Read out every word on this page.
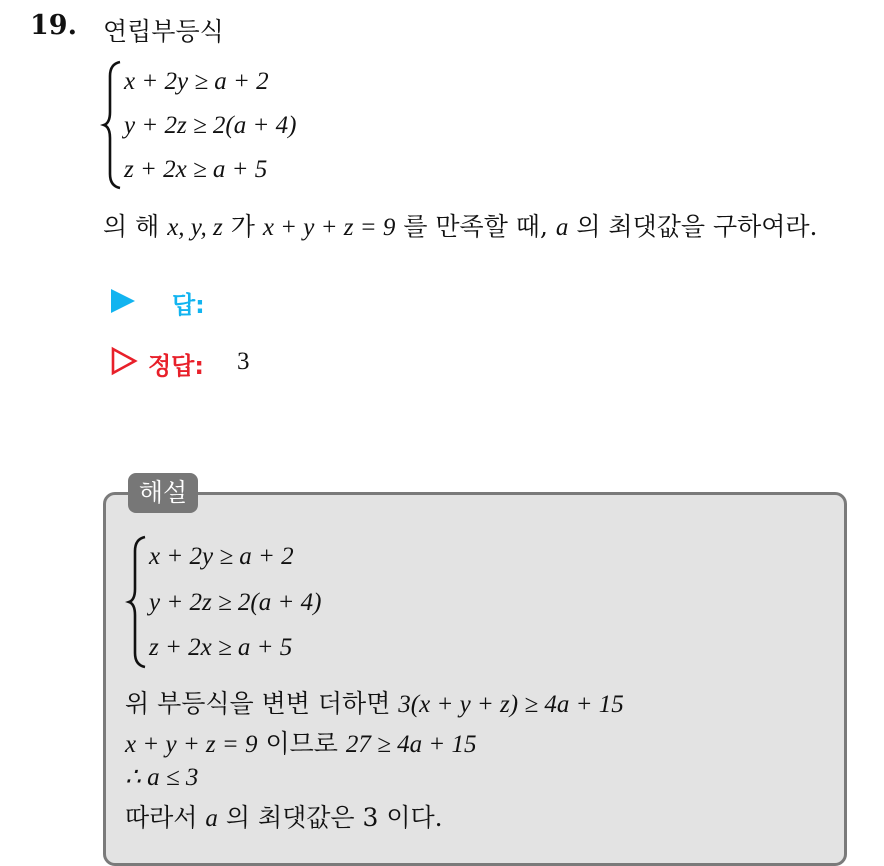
19. 연립부등식
x + 2y ≥ a + 2
y + 2z ≥ 2(a + 4)
z + 2x ≥ a + 5
의 해 x, y, z 가 x + y + z = 9 를 만족할 때, a 의 최댓값을 구하여라.
답:
정답: 3
해설
x + 2y ≥ a + 2
y + 2z ≥ 2(a + 4)
z + 2x ≥ a + 5
위 부등식을 변변 더하면 3(x + y + z) ≥ 4a + 15
x + y + z = 9 이므로 27 ≥ 4a + 15
∴ a ≤ 3
따라서 a 의 최댓값은 3 이다.
